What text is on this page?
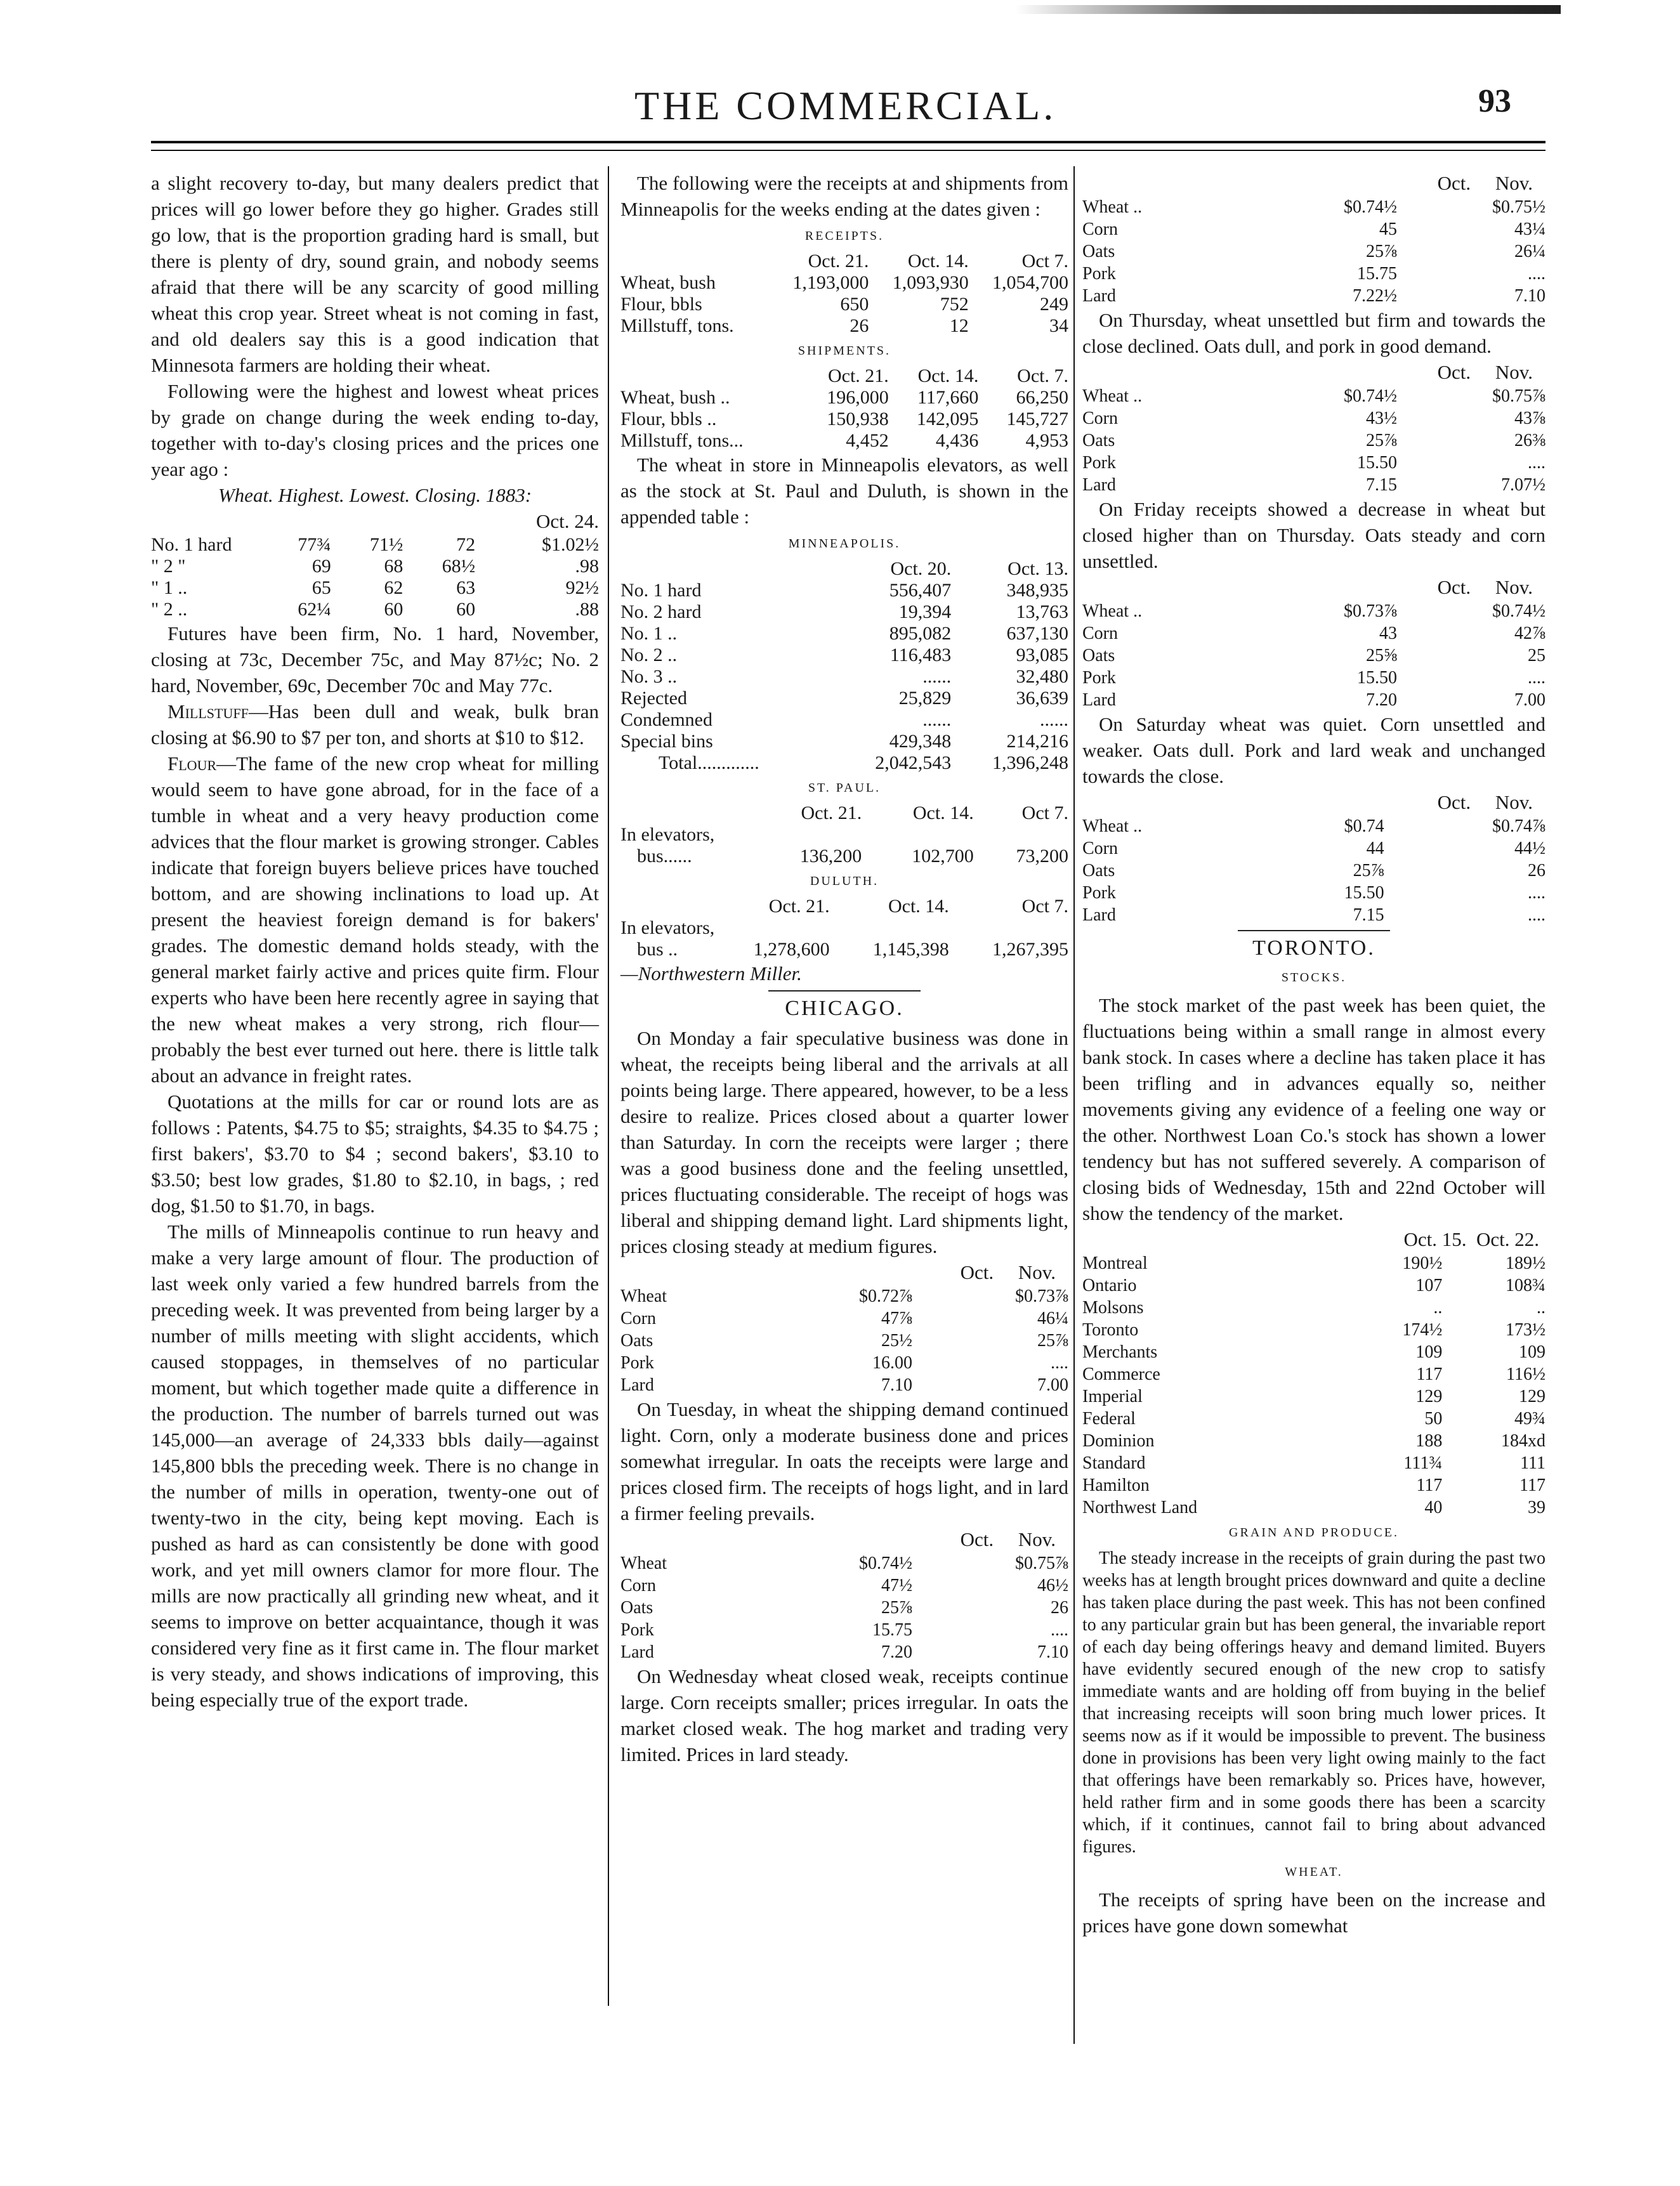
THE COMMERCIAL.	93

a slight recovery to-day, but many dealers predict that prices will go lower before they go higher. Grades still go low, that is the proportion grading hard is small, but there is plenty of dry, sound grain, and nobody seems afraid that there will be any scarcity of good milling wheat this crop year. Street wheat is not coming in fast, and old dealers say this is a good indication that Minnesota farmers are holding their wheat.

Following were the highest and lowest wheat prices by grade on change during the week ending to-day, together with to-day's closing prices and the prices one year ago :

Wheat. Highest. Lowest. Closing. 1883:
Oct. 24.
No. 1 hard	77¾	71½	72	$1.02½
" 2 "	69	68	68½	.98
" 1 ..	65	62	63	92½
" 2 ..	62¼	60	60	.88

Futures have been firm, No. 1 hard, November, closing at 73c, December 75c, and May 87½c; No. 2 hard, November, 69c, December 70c and May 77c.

Millstuff—Has been dull and weak, bulk bran closing at $6.90 to $7 per ton, and shorts at $10 to $12.

Flour—The fame of the new crop wheat for milling would seem to have gone abroad, for in the face of a tumble in wheat and a very heavy production come advices that the flour market is growing stronger. Cables indicate that foreign buyers believe prices have touched bottom, and are showing inclinations to load up. At present the heaviest foreign demand is for bakers' grades. The domestic demand holds steady, with the general market fairly active and prices quite firm. Flour experts who have been here recently agree in saying that the new wheat makes a very strong, rich flour—probably the best ever turned out here. there is little talk about an advance in freight rates.

Quotations at the mills for car or round lots are as follows : Patents, $4.75 to $5; straights, $4.35 to $4.75 ; first bakers', $3.70 to $4 ; second bakers', $3.10 to $3.50; best low grades, $1.80 to $2.10, in bags, ; red dog, $1.50 to $1.70, in bags.

The mills of Minneapolis continue to run heavy and make a very large amount of flour. The production of last week only varied a few hundred barrels from the preceding week. It was prevented from being larger by a number of mills meeting with slight accidents, which caused stoppages, in themselves of no particular moment, but which together made quite a difference in the production. The number of barrels turned out was 145,000—an average of 24,333 bbls daily—against 145,800 bbls the preceding week. There is no change in the number of mills in operation, twenty-one out of twenty-two in the city, being kept moving. Each is pushed as hard as can consistently be done with good work, and yet mill owners clamor for more flour. The mills are now practically all grinding new wheat, and it seems to improve on better acquaintance, though it was considered very fine as it first came in. The flour market is very steady, and shows indications of improving, this being especially true of the export trade.

The following were the receipts at and shipments from Minneapolis for the weeks ending at the dates given :

RECEIPTS.
	Oct. 21.	Oct. 14.	Oct 7.
Wheat, bush	1,193,000	1,093,930	1,054,700
Flour, bbls	650	752	249
Millstuff, tons.	26	12	34
SHIPMENTS.
	Oct. 21.	Oct. 14.	Oct. 7.
Wheat, bush ..	196,000	117,660	66,250
Flour, bbls ..	150,938	142,095	145,727
Millstuff, tons...	4,452	4,436	4,953

The wheat in store in Minneapolis elevators, as well as the stock at St. Paul and Duluth, is shown in the appended table :

MINNEAPOLIS.
	Oct. 20.	Oct. 13.
No. 1 hard	556,407	348,935
No. 2 hard	19,394	13,763
No. 1 ..	895,082	637,130
No. 2 ..	116,483	93,085
No. 3 ..	......	32,480
Rejected	25,829	36,639
Condemned	......	......
Special bins	429,348	214,216
Total.............	2,042,543	1,396,248
ST. PAUL.
	Oct. 21.	Oct. 14.	Oct 7.
In elevators,			
bus......	136,200	102,700	73,200
DULUTH.
	Oct. 21.	Oct. 14.	Oct 7.
In elevators,			
bus ..	1,278,600	1,145,398	1,267,395
—Northwestern Miller.
CHICAGO.

On Monday a fair speculative business was done in wheat, the receipts being liberal and the arrivals at all points being large. There appeared, however, to be a less desire to realize. Prices closed about a quarter lower than Saturday. In corn the receipts were larger ; there was a good business done and the feeling unsettled, prices fluctuating considerable. The receipt of hogs was liberal and shipping demand light. Lard shipments light, prices closing steady at medium figures.

Oct. Nov.
Wheat	$0.72⅞	$0.73⅞
Corn	47⅞	46¼
Oats	25½	25⅞
Pork	16.00	....
Lard	7.10	7.00

On Tuesday, in wheat the shipping demand continued light. Corn, only a moderate business done and prices somewhat irregular. In oats the receipts were large and prices closed firm. The receipts of hogs light, and in lard a firmer feeling prevails.

Oct. Nov.
Wheat	$0.74½	$0.75⅞
Corn	47½	46½
Oats	25⅞	26
Pork	15.75	....
Lard	7.20	7.10

On Wednesday wheat closed weak, receipts continue large. Corn receipts smaller; prices irregular. In oats the market closed weak. The hog market and trading very limited. Prices in lard steady.

Oct. Nov.
Wheat ..	$0.74½	$0.75½
Corn	45	43¼
Oats	25⅞	26¼
Pork	15.75	....
Lard	7.22½	7.10

On Thursday, wheat unsettled but firm and towards the close declined. Oats dull, and pork in good demand.

Oct. Nov.
Wheat ..	$0.74½	$0.75⅞
Corn	43½	43⅞
Oats	25⅞	26⅜
Pork	15.50	....
Lard	7.15	7.07½

On Friday receipts showed a decrease in wheat but closed higher than on Thursday. Oats steady and corn unsettled.

Oct. Nov.
Wheat ..	$0.73⅞	$0.74½
Corn	43	42⅞
Oats	25⅝	25
Pork	15.50	....
Lard	7.20	7.00

On Saturday wheat was quiet. Corn unsettled and weaker. Oats dull. Pork and lard weak and unchanged towards the close.

Oct. Nov.
Wheat ..	$0.74	$0.74⅞
Corn	44	44½
Oats	25⅞	26
Pork	15.50	....
Lard	7.15	....
TORONTO.
STOCKS.

The stock market of the past week has been quiet, the fluctuations being within a small range in almost every bank stock. In cases where a decline has taken place it has been trifling and in advances equally so, neither movements giving any evidence of a feeling one way or the other. Northwest Loan Co.'s stock has shown a lower tendency but has not suffered severely. A comparison of closing bids of Wednesday, 15th and 22nd October will show the tendency of the market.

Oct. 15. Oct. 22.
Montreal	190½	189½
Ontario	107	108¾
Molsons	..	..
Toronto	174½	173½
Merchants	109	109
Commerce	117	116½
Imperial	129	129
Federal	50	49¾
Dominion	188	184xd
Standard	111¾	111
Hamilton	117	117
Northwest Land	40	39
GRAIN AND PRODUCE.

The steady increase in the receipts of grain during the past two weeks has at length brought prices downward and quite a decline has taken place during the past week. This has not been confined to any particular grain but has been general, the invariable report of each day being offerings heavy and demand limited. Buyers have evidently secured enough of the new crop to satisfy immediate wants and are holding off from buying in the belief that increasing receipts will soon bring much lower prices. It seems now as if it would be impossible to prevent. The business done in provisions has been very light owing mainly to the fact that offerings have been remarkably so. Prices have, however, held rather firm and in some goods there has been a scarcity which, if it continues, cannot fail to bring about advanced figures.

WHEAT.

The receipts of spring have been on the increase and prices have gone down somewhat
